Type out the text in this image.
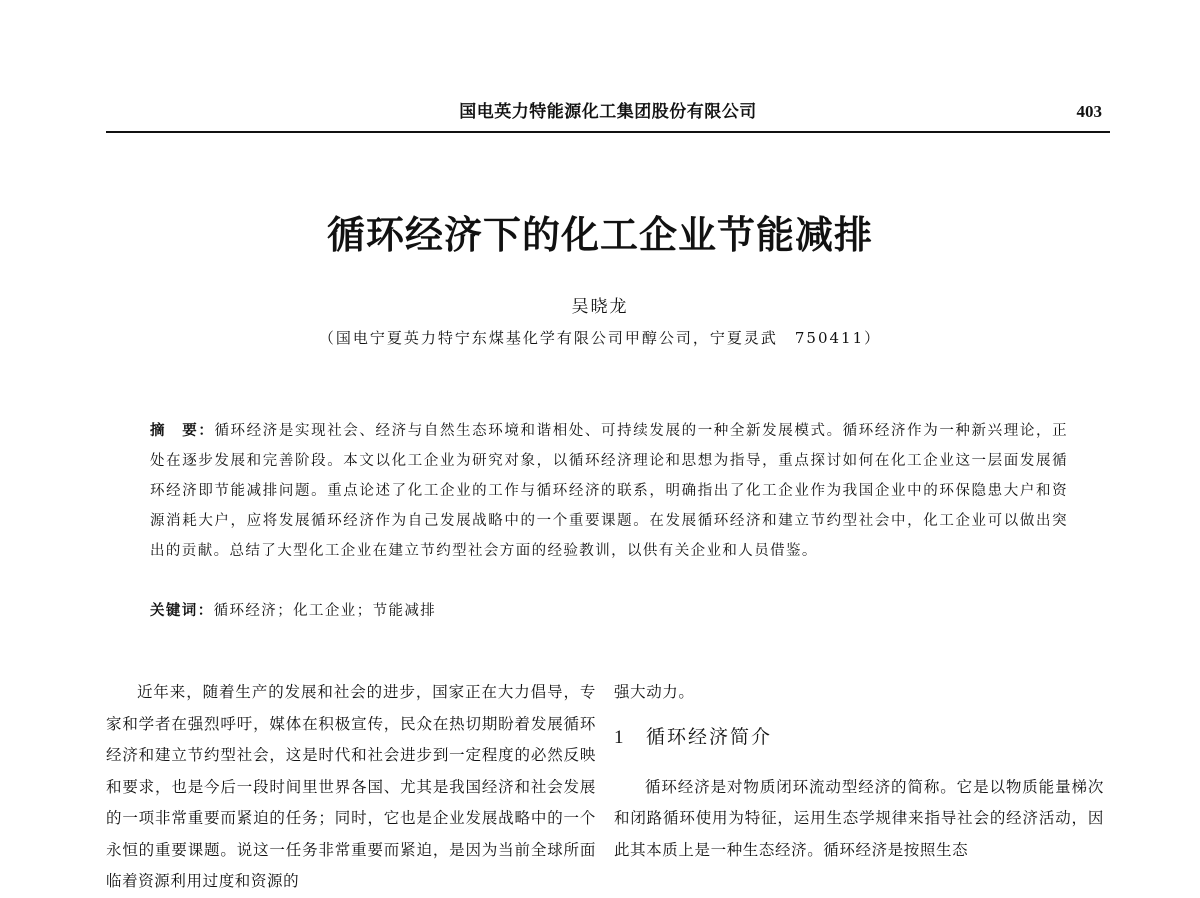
国电英力特能源化工集团股份有限公司	403
循环经济下的化工企业节能减排
吴晓龙
（国电宁夏英力特宁东煤基化学有限公司甲醇公司，宁夏灵武　750411）
摘　要：循环经济是实现社会、经济与自然生态环境和谐相处、可持续发展的一种全新发展模式。循环经济作为一种新兴理论，正处在逐步发展和完善阶段。本文以化工企业为研究对象，以循环经济理论和思想为指导，重点探讨如何在化工企业这一层面发展循环经济即节能减排问题。重点论述了化工企业的工作与循环经济的联系，明确指出了化工企业作为我国企业中的环保隐患大户和资源消耗大户，应将发展循环经济作为自己发展战略中的一个重要课题。在发展循环经济和建立节约型社会中，化工企业可以做出突出的贡献。总结了大型化工企业在建立节约型社会方面的经验教训，以供有关企业和人员借鉴。
关键词：循环经济；化工企业；节能减排

近年来，随着生产的发展和社会的进步，国家正在大力倡导，专家和学者在强烈呼吁，媒体在积极宣传，民众在热切期盼着发展循环经济和建立节约型社会，这是时代和社会进步到一定程度的必然反映和要求，也是今后一段时间里世界各国、尤其是我国经济和社会发展的一项非常重要而紧迫的任务；同时，它也是企业发展战略中的一个永恒的重要课题。说这一任务非常重要而紧迫，是因为当前全球所面临着资源利用过度和资源的

强大动力。

1 循环经济简介

循环经济是对物质闭环流动型经济的简称。它是以物质能量梯次和闭路循环使用为特征，运用生态学规律来指导社会的经济活动，因此其本质上是一种生态经济。循环经济是按照生态
